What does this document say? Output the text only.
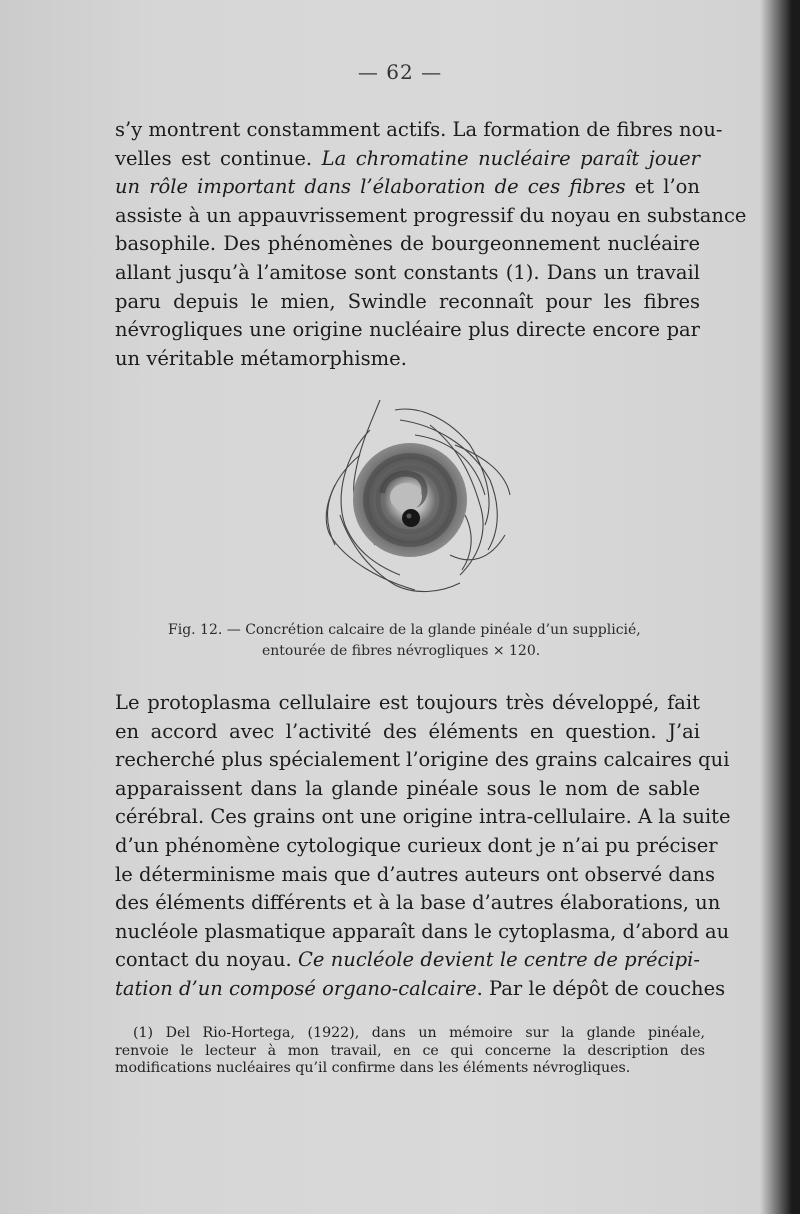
— 62 —
s’y montrent constamment actifs. La formation de fibres nou-
velles est continue. La chromatine nucléaire paraît jouer
un rôle important dans l’élaboration de ces fibres et l’on
assiste à un appauvrissement progressif du noyau en substance
basophile. Des phénomènes de bourgeonnement nucléaire
allant jusqu’à l’amitose sont constants (1). Dans un travail
paru depuis le mien, Swindle reconnaît pour les fibres
névrogliques une origine nucléaire plus directe encore par
un véritable métamorphisme.
Fig. 12. — Concrétion calcaire de la glande pinéale d’un supplicié,
entourée de fibres névrogliques ⨯ 120.
Le protoplasma cellulaire est toujours très développé, fait
en accord avec l’activité des éléments en question. J’ai
recherché plus spécialement l’origine des grains calcaires qui
apparaissent dans la glande pinéale sous le nom de sable
cérébral. Ces grains ont une origine intra-cellulaire. A la suite
d’un phénomène cytologique curieux dont je n’ai pu préciser
le déterminisme mais que d’autres auteurs ont observé dans
des éléments différents et à la base d’autres élaborations, un
nucléole plasmatique apparaît dans le cytoplasma, d’abord au
contact du noyau. Ce nucléole devient le centre de précipi-
tation d’un composé organo-calcaire. Par le dépôt de couches
(1) Del Rio-Hortega, (1922), dans un mémoire sur la glande pinéale,
renvoie le lecteur à mon travail, en ce qui concerne la description des
modifications nucléaires qu’il confirme dans les éléments névrogliques.
